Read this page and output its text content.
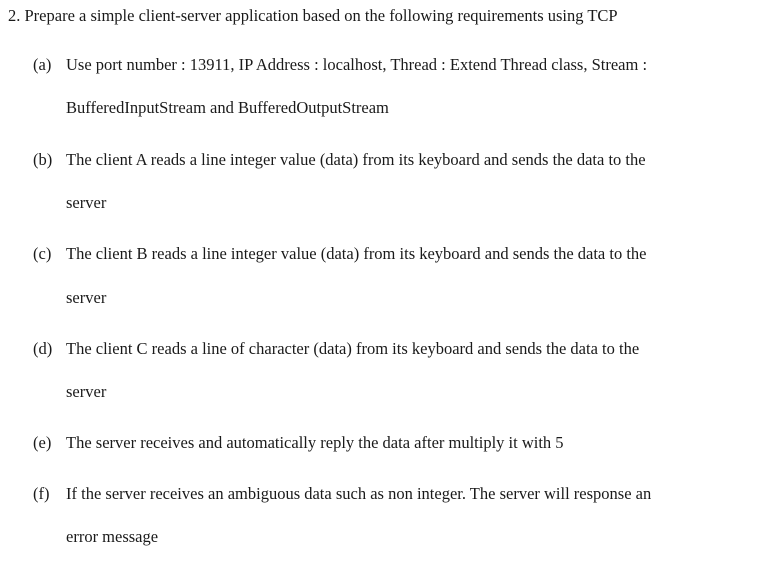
2. Prepare a simple client-server application based on the following requirements using TCP
(a) Use port number : 13911, IP Address : localhost, Thread : Extend Thread class, Stream :
BufferedInputStream and BufferedOutputStream
(b) The client A reads a line integer value (data) from its keyboard and sends the data to the
server
(c) The client B reads a line integer value (data) from its keyboard and sends the data to the
server
(d) The client C reads a line of character (data) from its keyboard and sends the data to the
server
(e) The server receives and automatically reply the data after multiply it with 5
(f) If the server receives an ambiguous data such as non integer. The server will response an
error message
